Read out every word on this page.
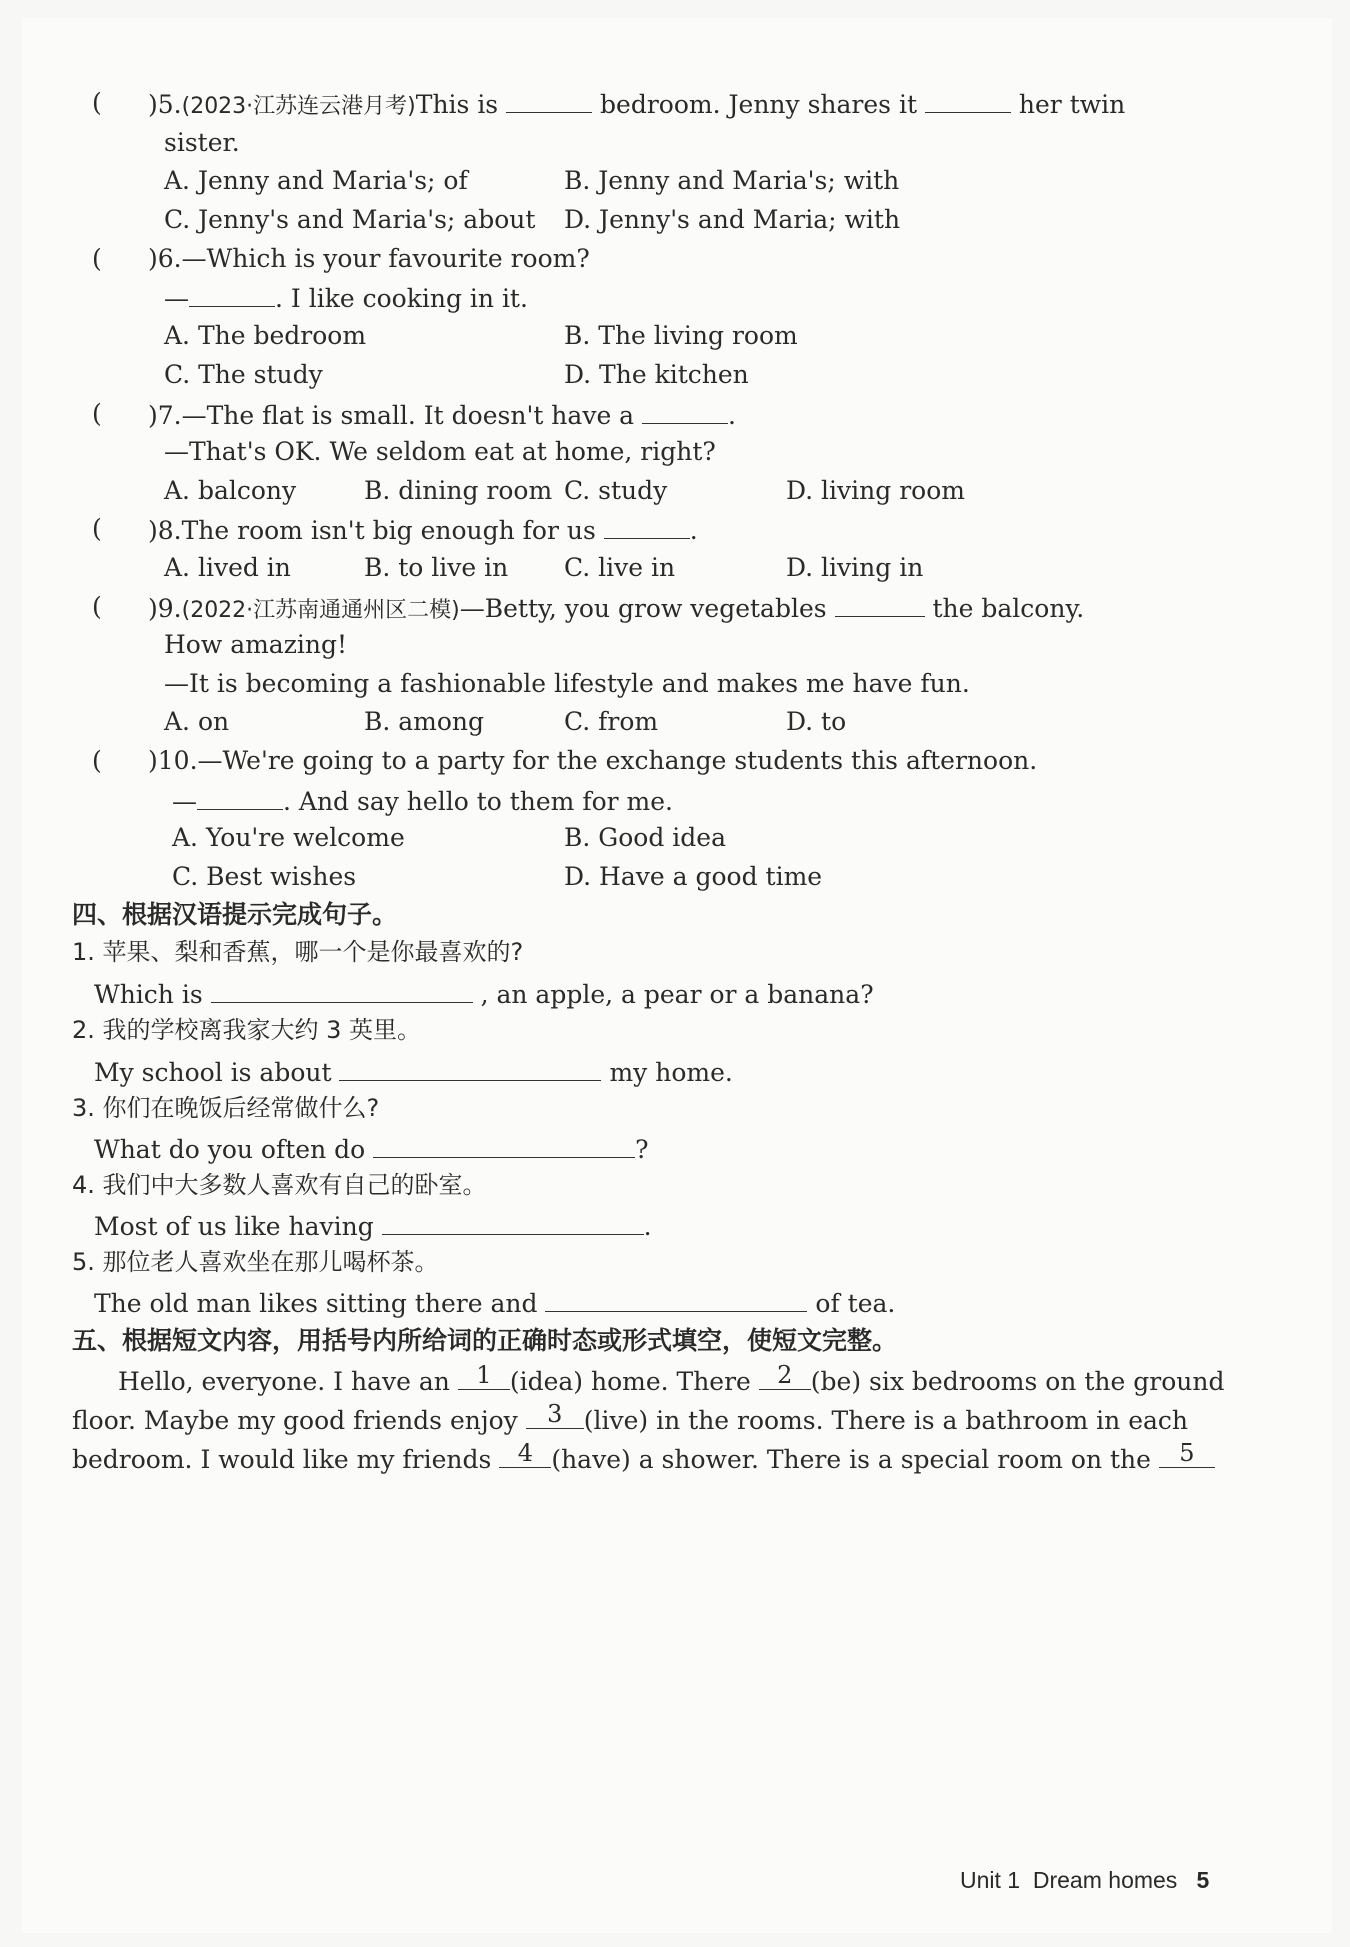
( )5.(2023·江苏连云港月考)This is	bedroom. Jenny shares it	her twin
sister.
A. Jenny and Maria's; of	B. Jenny and Maria's; with
C. Jenny's and Maria's; about D. Jenny's and Maria; with
( )6.—Which is your favourite room?
—	. I like cooking in it.
A. The bedroom	B. The living room
C. The study	D. The kitchen
( )7.—The flat is small. It doesn't have a	.
—That's OK. We seldom eat at home, right?
A. balcony	B. dining room C. study	D. living room
( )8.The room isn't big enough for us	.
A. lived in	B. to live in C. live in	D. living in
( )9.(2022·江苏南通通州区二模)—Betty, you grow vegetables	the balcony.
How amazing!
—It is becoming a fashionable lifestyle and makes me have fun.
A. on	B. among	C. from	D. to
( )10.—We're going to a party for the exchange students this afternoon.
—	. And say hello to them for me.
A. You're welcome	B. Good idea
C. Best wishes	D. Have a good time
四、根据汉语提示完成句子。
1. 苹果、梨和香蕉，哪一个是你最喜欢的?
Which is	, an apple, a pear or a banana?
2. 我的学校离我家大约 3 英里。
My school is about	my home.
3. 你们在晚饭后经常做什么?
What do you often do	?
4. 我们中大多数人喜欢有自己的卧室。
Most of us like having	.
5. 那位老人喜欢坐在那儿喝杯茶。
The old man likes sitting there and	of tea.
五、根据短文内容，用括号内所给词的正确时态或形式填空，使短文完整。
Hello, everyone. I have an	1 (idea) home. There	2 (be) six bedrooms on the ground
floor. Maybe my good friends enjoy	3 (live) in the rooms. There is a bathroom in each
bedroom. I would like my friends	4 (have) a shower. There is a special room on the	5
Unit 1 Dream homes 5
